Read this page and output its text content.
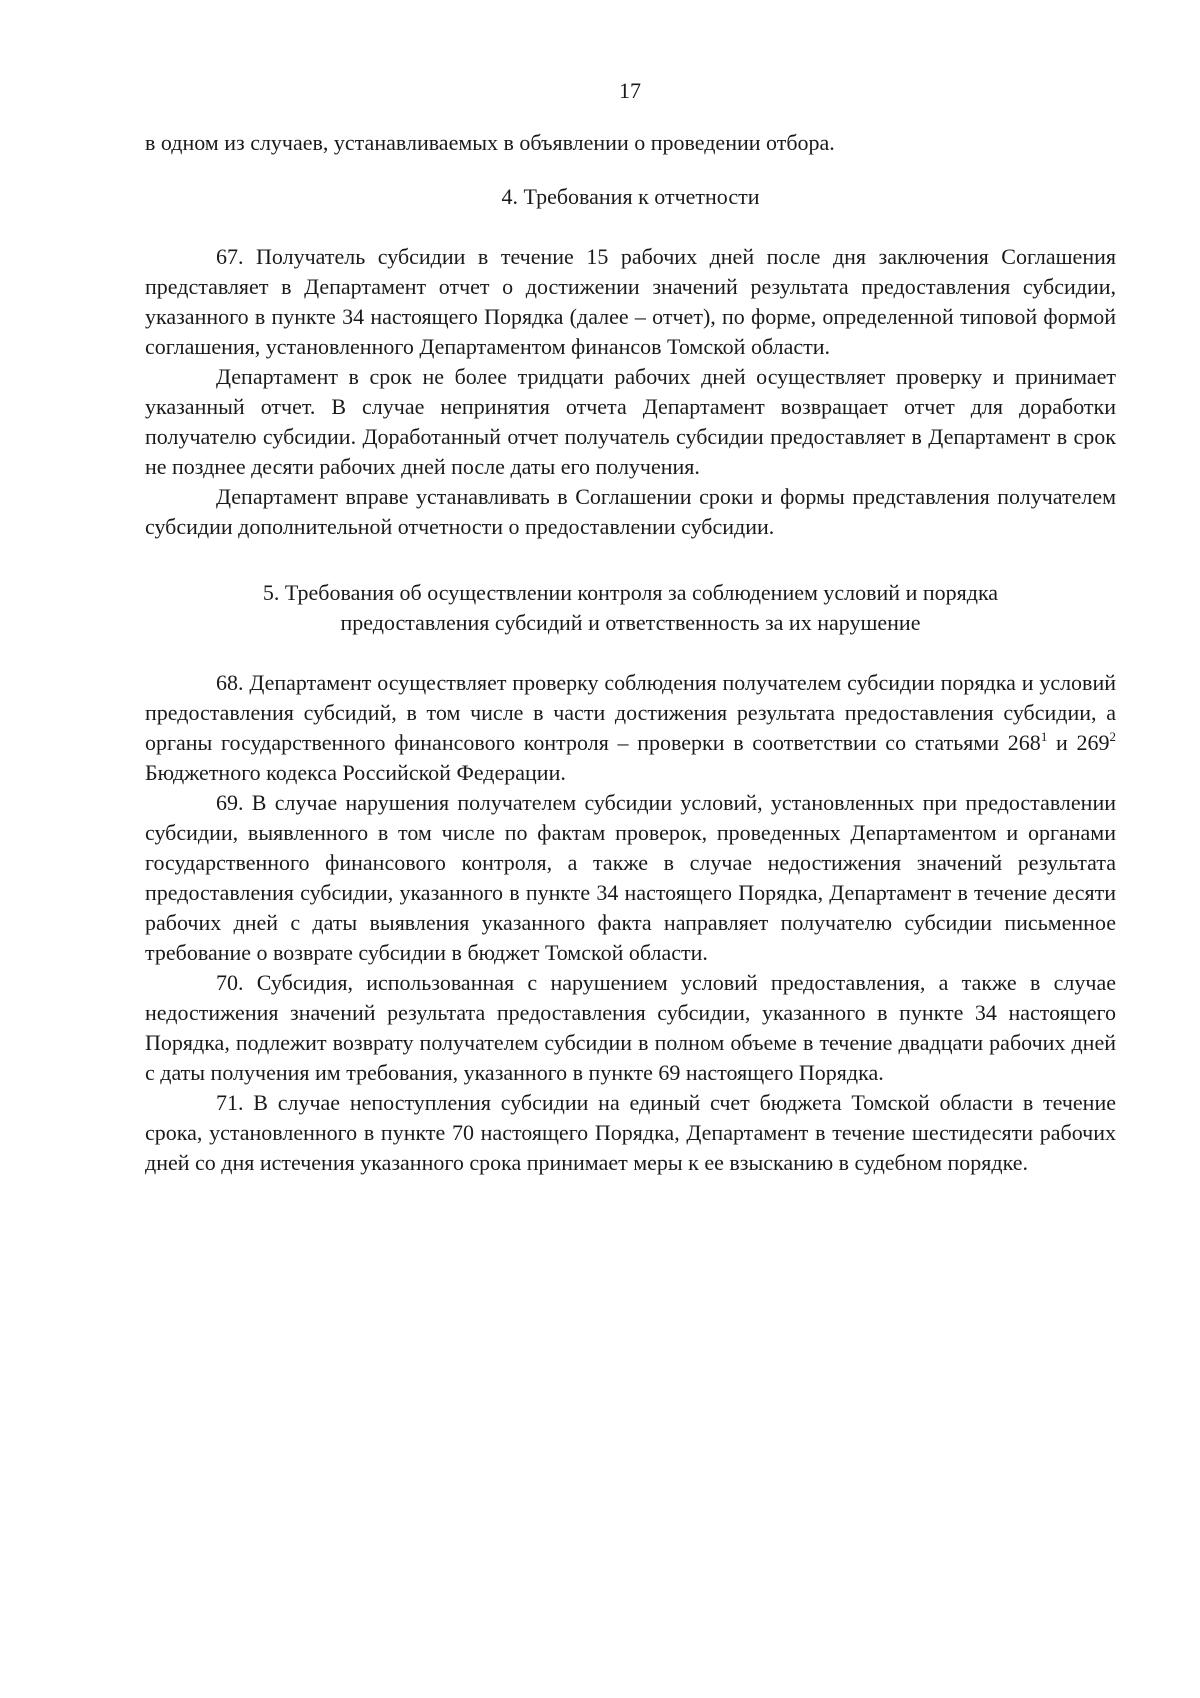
17

в одном из случаев, устанавливаемых в объявлении о проведении отбора.

4. Требования к отчетности

67. Получатель субсидии в течение 15 рабочих дней после дня заключения Соглашения представляет в Департамент отчет о достижении значений результата предоставления субсидии, указанного в пункте 34 настоящего Порядка (далее – отчет), по форме, определенной типовой формой соглашения, установленного Департаментом финансов Томской области.

Департамент в срок не более тридцати рабочих дней осуществляет проверку и принимает указанный отчет. В случае непринятия отчета Департамент возвращает отчет для доработки получателю субсидии. Доработанный отчет получатель субсидии предоставляет в Департамент в срок не позднее десяти рабочих дней после даты его получения.

Департамент вправе устанавливать в Соглашении сроки и формы представления получателем субсидии дополнительной отчетности о предоставлении субсидии.

5. Требования об осуществлении контроля за соблюдением условий и порядка
предоставления субсидий и ответственность за их нарушение

68. Департамент осуществляет проверку соблюдения получателем субсидии порядка и условий предоставления субсидий, в том числе в части достижения результата предоставления субсидии, а органы государственного финансового контроля – проверки в соответствии со статьями $268^1$ и $269^2$ Бюджетного кодекса Российской Федерации.

69. В случае нарушения получателем субсидии условий, установленных при предоставлении субсидии, выявленного в том числе по фактам проверок, проведенных Департаментом и органами государственного финансового контроля, а также в случае недостижения значений результата предоставления субсидии, указанного в пункте 34 настоящего Порядка, Департамент в течение десяти рабочих дней с даты выявления указанного факта направляет получателю субсидии письменное требование о возврате субсидии в бюджет Томской области.

70. Субсидия, использованная с нарушением условий предоставления, а также в случае недостижения значений результата предоставления субсидии, указанного в пункте 34 настоящего Порядка, подлежит возврату получателем субсидии в полном объеме в течение двадцати рабочих дней с даты получения им требования, указанного в пункте 69 настоящего Порядка.

71. В случае непоступления субсидии на единый счет бюджета Томской области в течение срока, установленного в пункте 70 настоящего Порядка, Департамент в течение шестидесяти рабочих дней со дня истечения указанного срока принимает меры к ее взысканию в судебном порядке.
